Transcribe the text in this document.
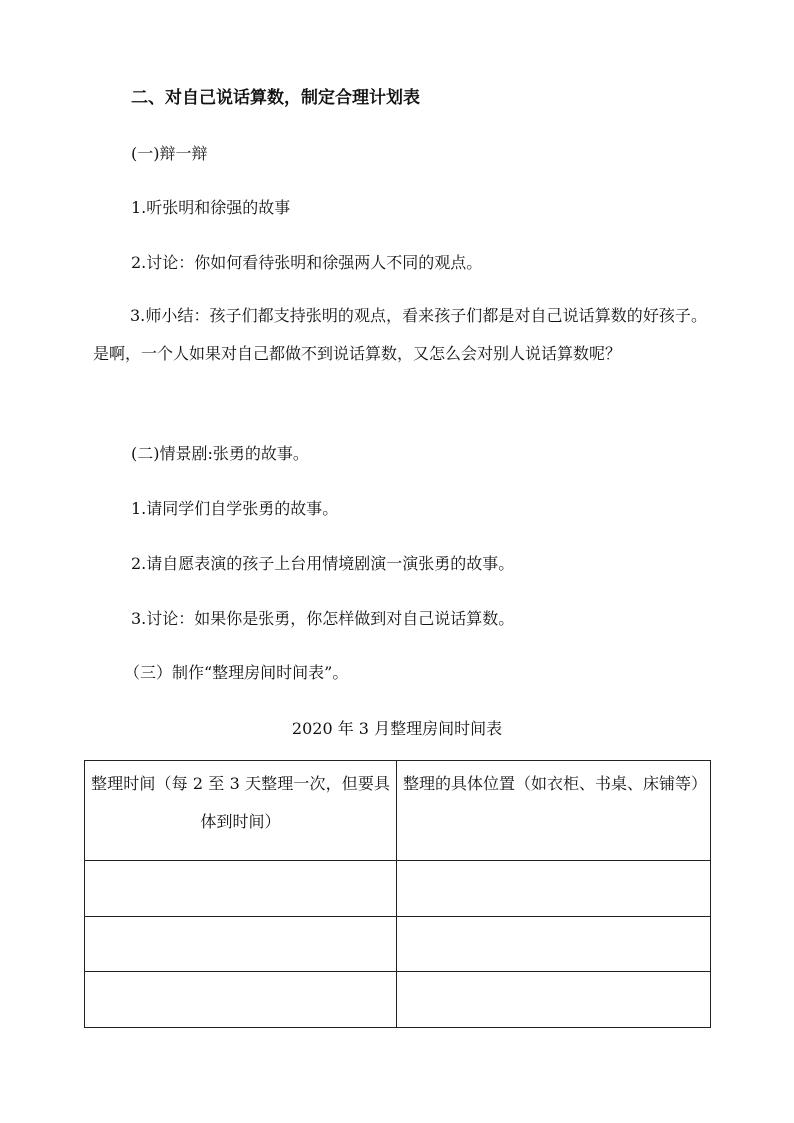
二、对自己说话算数，制定合理计划表
(一)辩一辩
1.听张明和徐强的故事
2.讨论：你如何看待张明和徐强两人不同的观点。
3.师小结：孩子们都支持张明的观点，看来孩子们都是对自己说话算数的好孩子。是啊，一个人如果对自己都做不到说话算数，又怎么会对别人说话算数呢？
(二)情景剧:张勇的故事。
1.请同学们自学张勇的故事。
2.请自愿表演的孩子上台用情境剧演一演张勇的故事。
3.讨论：如果你是张勇，你怎样做到对自己说话算数。
（三）制作“整理房间时间表”。
2020 年 3 月整理房间时间表
整理时间（每 2 至 3 天整理一次，但要具体到时间）	整理的具体位置（如衣柜、书桌、床铺等）
